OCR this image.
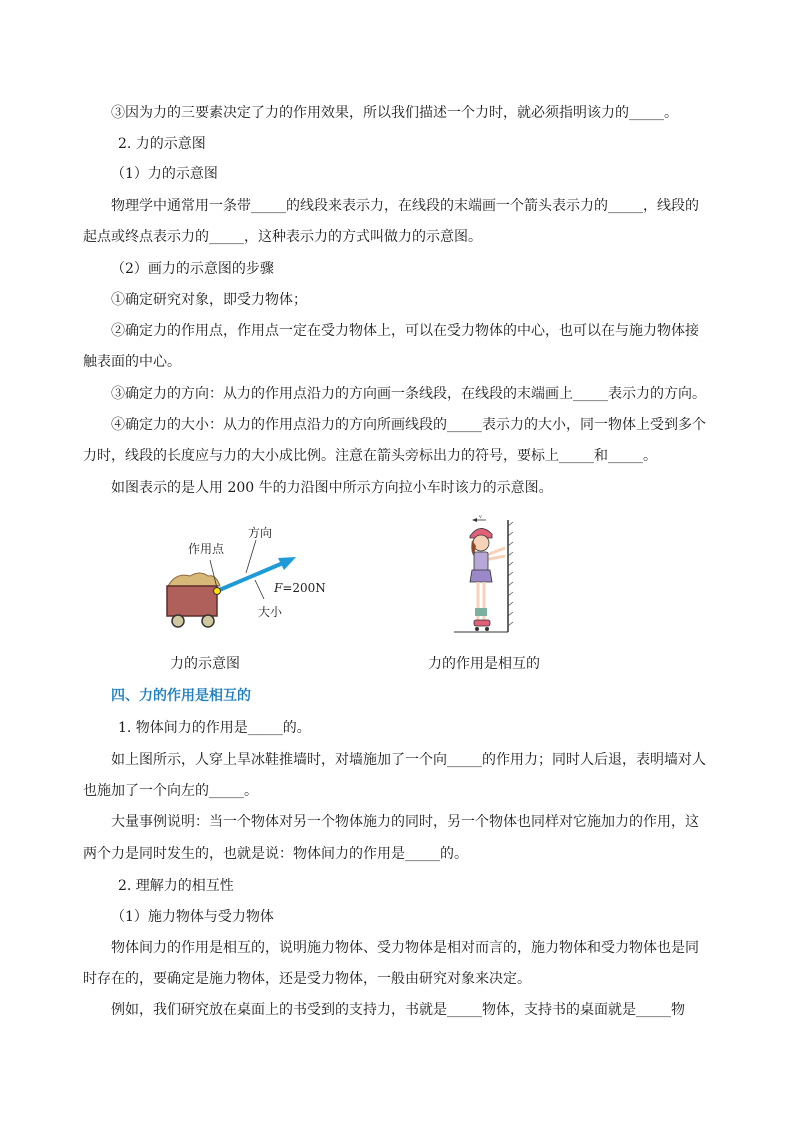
③因为力的三要素决定了力的作用效果，所以我们描述一个力时，就必须指明该力的_____。
2. 力的示意图
（1）力的示意图
物理学中通常用一条带_____的线段来表示力，在线段的末端画一个箭头表示力的_____，线段的
起点或终点表示力的_____，这种表示力的方式叫做力的示意图。
（2）画力的示意图的步骤
①确定研究对象，即受力物体；
②确定力的作用点，作用点一定在受力物体上，可以在受力物体的中心，也可以在与施力物体接
触表面的中心。
③确定力的方向：从力的作用点沿力的方向画一条线段，在线段的末端画上_____表示力的方向。
④确定力的大小：从力的作用点沿力的方向所画线段的_____表示力的大小，同一物体上受到多个
力时，线段的长度应与力的大小成比例。注意在箭头旁标出力的符号，要标上_____和_____。
如图表示的是人用 200 牛的力沿图中所示方向拉小车时该力的示意图。
作用点
方向
F=200N
大小
v
力的示意图	力的作用是相互的
四、力的作用是相互的
1. 物体间力的作用是_____的。
如上图所示，人穿上旱冰鞋推墙时，对墙施加了一个向_____的作用力；同时人后退，表明墙对人
也施加了一个向左的_____。
大量事例说明：当一个物体对另一个物体施力的同时，另一个物体也同样对它施加力的作用，这
两个力是同时发生的，也就是说：物体间力的作用是_____的。
2. 理解力的相互性
（1）施力物体与受力物体
物体间力的作用是相互的，说明施力物体、受力物体是相对而言的，施力物体和受力物体也是同
时存在的，要确定是施力物体，还是受力物体，一般由研究对象来决定。
例如，我们研究放在桌面上的书受到的支持力，书就是_____物体，支持书的桌面就是_____物
